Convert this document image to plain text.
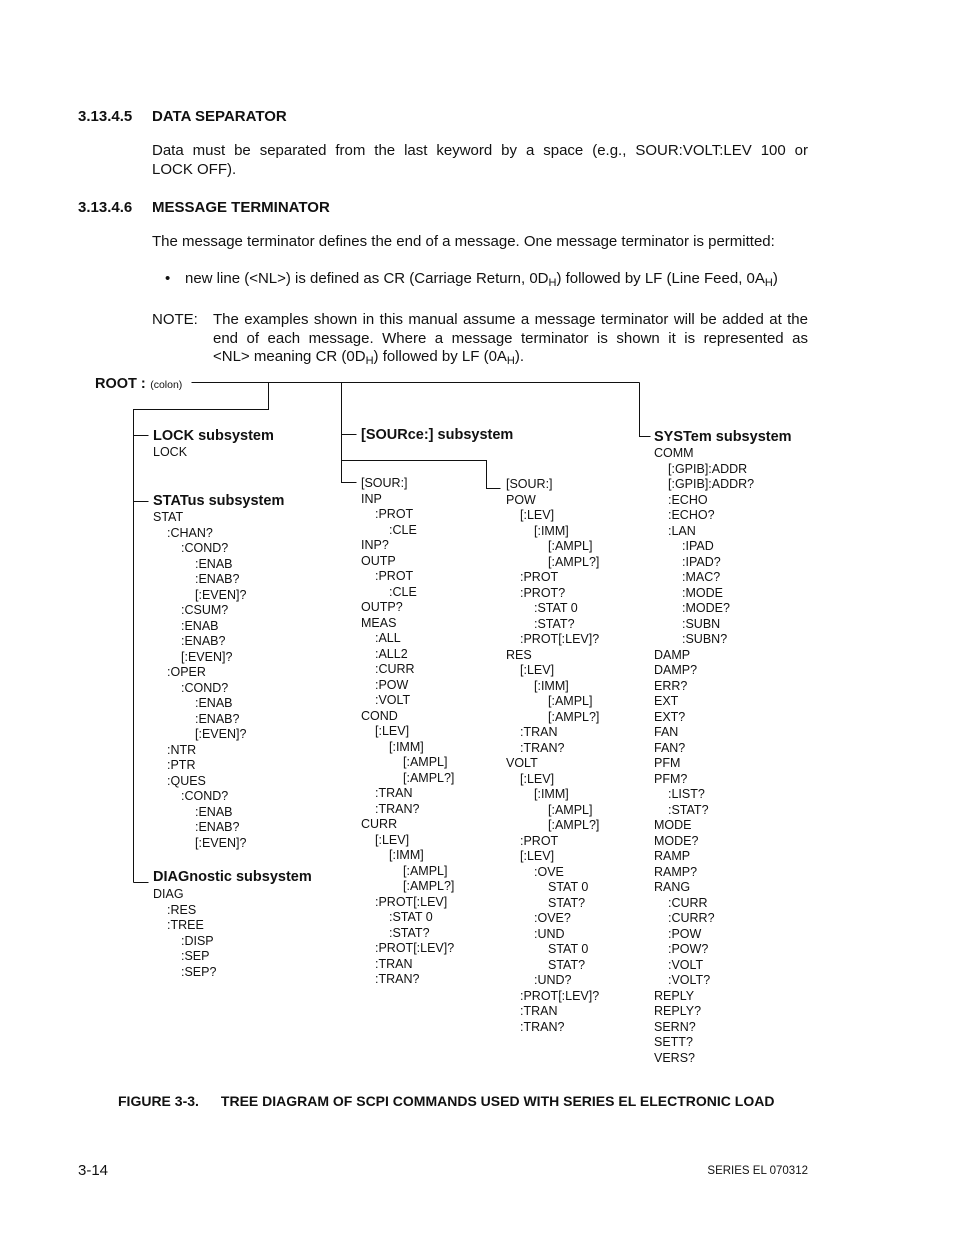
3.13.4.5 DATA SEPARATOR
Data must be separated from the last keyword by a space (e.g., SOUR:VOLT:LEV 100 or
LOCK OFF).
3.13.4.6 MESSAGE TERMINATOR
The message terminator defines the end of a message. One message terminator is permitted:
• new line (<NL>) is defined as CR (Carriage Return, $0D_H$) followed by LF (Line Feed, $0A_H$)
NOTE: The examples shown in this manual assume a message terminator will be added at the
end of each message. Where a message terminator is shown it is represented as
<NL> meaning CR $(0D_H)$ followed by LF $(0A_H)$.
ROOT : (colon)
LOCK subsystem
STATus subsystem
DIAGnostic subsystem
[SOURce:] subsystem	SYSTem subsystem
LOCK
STAT
:CHAN?
:COND?
:ENAB
:ENAB?
[:EVEN]?
:CSUM?
:ENAB
:ENAB?
[:EVEN]?
:OPER
:COND?
:ENAB
:ENAB?
[:EVEN]?
:NTR
:PTR
:QUES
:COND?
:ENAB
:ENAB?
[:EVEN]?
DIAG
:RES
:TREE
:DISP
:SEP
:SEP?
[SOUR:]
INP
:PROT
:CLE
INP?
OUTP
:PROT
:CLE
OUTP?
MEAS
:ALL
:ALL2
:CURR
:POW
:VOLT
COND
[:LEV]
[:IMM]
[:AMPL]
[:AMPL?]
:TRAN
:TRAN?
CURR
[:LEV]
[:IMM]
[:AMPL]
[:AMPL?]
:PROT[:LEV]
:STAT 0
:STAT?
:PROT[:LEV]?
:TRAN
:TRAN?
[SOUR:]
POW
[:LEV]
[:IMM]
[:AMPL]
[:AMPL?]
:PROT
:PROT?
:STAT 0
:STAT?
:PROT[:LEV]?
RES
[:LEV]
[:IMM]
[:AMPL]
[:AMPL?]
:TRAN
:TRAN?
VOLT
[:LEV]
[:IMM]
[:AMPL]
[:AMPL?]
:PROT
[:LEV]
:OVE
STAT 0
STAT?
:OVE?
:UND
STAT 0
STAT?
:UND?
:PROT[:LEV]?
:TRAN
:TRAN?
COMM
[:GPIB]:ADDR
[:GPIB]:ADDR?
:ECHO
:ECHO?
:LAN
:IPAD
:IPAD?
:MAC?
:MODE
:MODE?
:SUBN
:SUBN?
DAMP
DAMP?
ERR?
EXT
EXT?
FAN
FAN?
PFM
PFM?
:LIST?
:STAT?
MODE
MODE?
RAMP
RAMP?
RANG
:CURR
:CURR?
:POW
:POW?
:VOLT
:VOLT?
REPLY
REPLY?
SERN?
SETT?
VERS?
FIGURE 3-3. TREE DIAGRAM OF SCPI COMMANDS USED WITH SERIES EL ELECTRONIC LOAD
3-14	SERIES EL 070312
